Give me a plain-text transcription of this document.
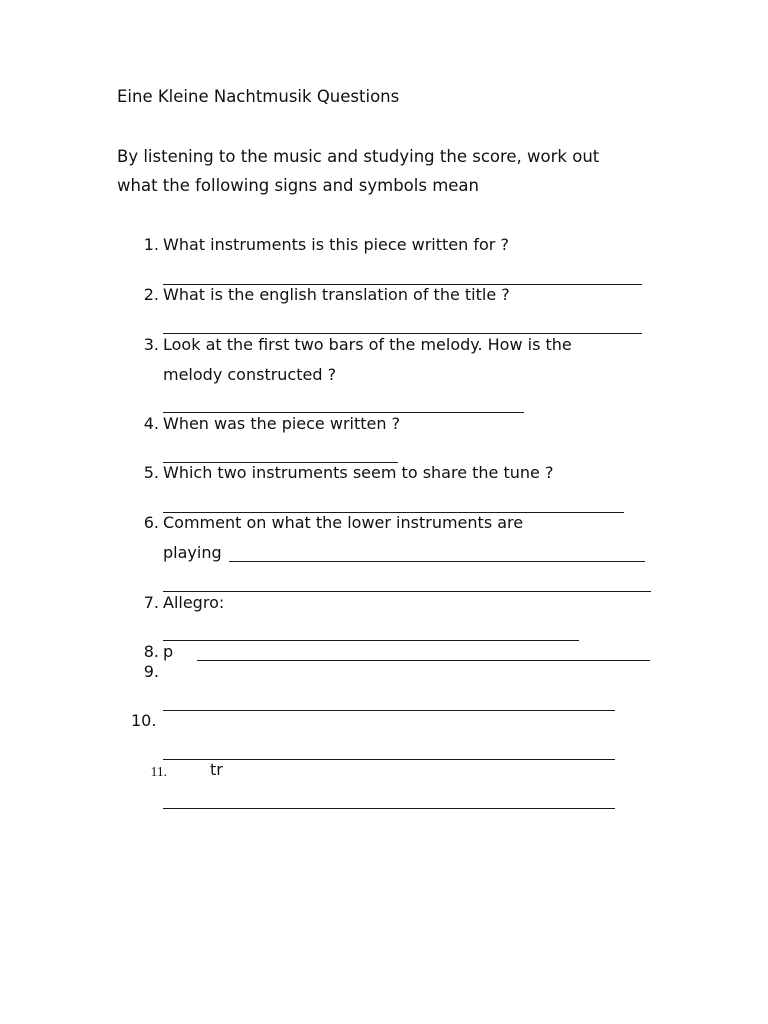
Eine Kleine Nachtmusik Questions
By listening to the music and studying the score, work out
what the following signs and symbols mean
1. What instruments is this piece written for ?
2. What is the english translation of the title ?
3. Look at the first two bars of the melody. How is the
melody constructed ?
4. When was the piece written ?
5. Which two instruments seem to share the tune ?
6. Comment on what the lower instruments are
playing
7. Allegro:
8. p
9.
10.
11.	tr
